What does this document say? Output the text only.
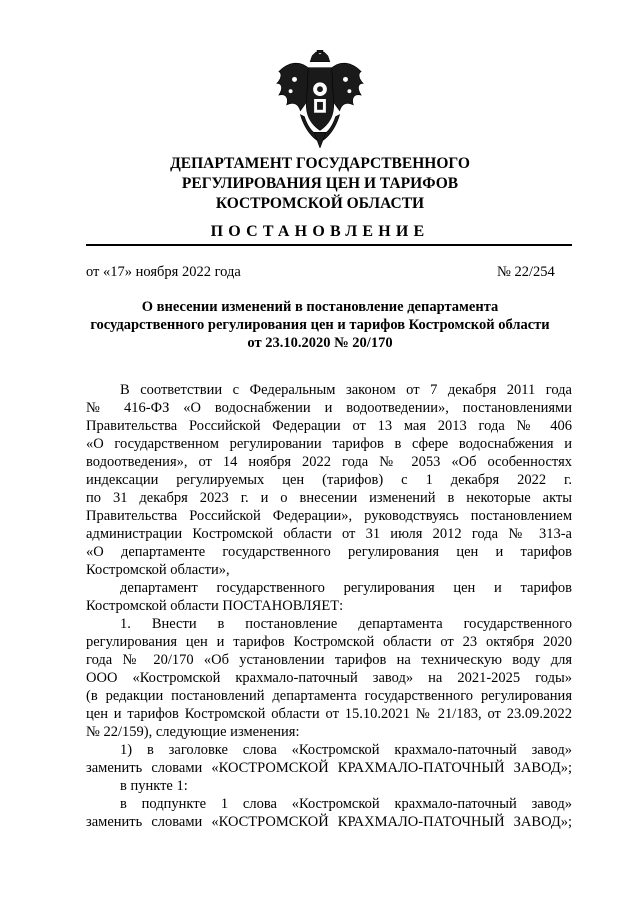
ДЕПАРТАМЕНТ ГОСУДАРСТВЕННОГО
РЕГУЛИРОВАНИЯ ЦЕН И ТАРИФОВ
КОСТРОМСКОЙ ОБЛАСТИ
ПОСТАНОВЛЕНИЕ
от «17» ноября 2022 года	№ 22/254
О внесении изменений в постановление департамента
государственного регулирования цен и тарифов Костромской области
от 23.10.2020 № 20/170
В соответствии с Федеральным законом от 7 декабря 2011 года
№ 416-ФЗ «О водоснабжении и водоотведении», постановлениями
Правительства Российской Федерации от 13 мая 2013 года № 406
«О государственном регулировании тарифов в сфере водоснабжения и
водоотведения», от 14 ноября 2022 года № 2053 «Об особенностях
индексации регулируемых цен (тарифов) с 1 декабря 2022 г.
по 31 декабря 2023 г. и о внесении изменений в некоторые акты
Правительства Российской Федерации», руководствуясь постановлением
администрации Костромской области от 31 июля 2012 года № 313-а
«О департаменте государственного регулирования цен и тарифов
Костромской области»,
департамент государственного регулирования цен и тарифов
Костромской области ПОСТАНОВЛЯЕТ:
1. Внести в постановление департамента государственного
регулирования цен и тарифов Костромской области от 23 октября 2020
года № 20/170 «Об установлении тарифов на техническую воду для
ООО «Костромской крахмало-паточный завод» на 2021-2025 годы»
(в редакции постановлений департамента государственного регулирования
цен и тарифов Костромской области от 15.10.2021 № 21/183, от 23.09.2022
№ 22/159), следующие изменения:
1) в заголовке слова «Костромской крахмало-паточный завод»
заменить словами «КОСТРОМСКОЙ КРАХМАЛО-ПАТОЧНЫЙ ЗАВОД»;
в пункте 1:
в подпункте 1 слова «Костромской крахмало-паточный завод»
заменить словами «КОСТРОМСКОЙ КРАХМАЛО-ПАТОЧНЫЙ ЗАВОД»;
